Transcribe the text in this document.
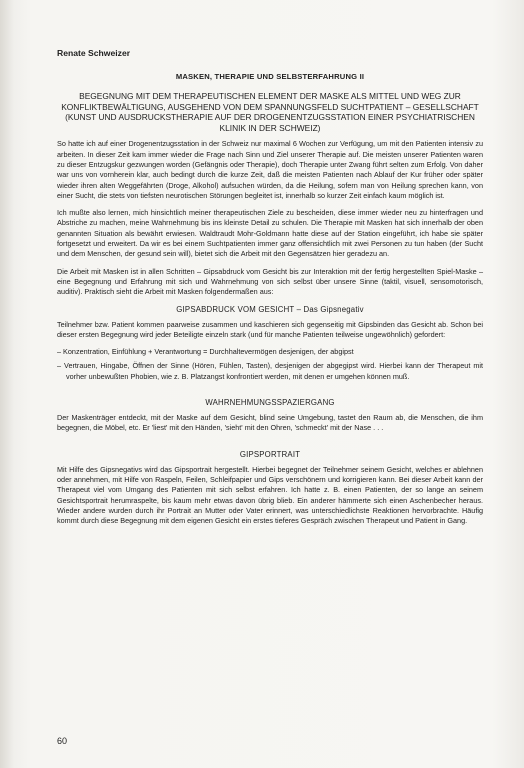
Renate Schweizer
MASKEN, THERAPIE UND SELBSTERFAHRUNG II
BEGEGNUNG MIT DEM THERAPEUTISCHEN ELEMENT DER MASKE ALS MITTEL UND WEG ZUR KONFLIKTBEWÄLTIGUNG, AUSGEHEND VON DEM SPANNUNGSFELD SUCHTPATIENT – GESELLSCHAFT (KUNST UND AUSDRUCKSTHERAPIE AUF DER DROGENENTZUGSSTATION EINER PSYCHIATRISCHEN KLINIK IN DER SCHWEIZ)

So hatte ich auf einer Drogenentzugsstation in der Schweiz nur maximal 6 Wochen zur Verfügung, um mit den Patienten intensiv zu arbeiten. In dieser Zeit kam immer wieder die Frage nach Sinn und Ziel unserer Therapie auf. Die meisten unserer Patienten waren zu dieser Entzugskur gezwungen worden (Gefängnis oder Therapie), doch Therapie unter Zwang führt selten zum Erfolg. Von daher war uns von vornherein klar, auch bedingt durch die kurze Zeit, daß die meisten Patienten nach Ablauf der Kur früher oder später wieder ihren alten Weggefährten (Droge, Alkohol) aufsuchen würden, da die Heilung, sofern man von Heilung sprechen kann, von einer Sucht, die stets von tiefsten neurotischen Störungen begleitet ist, innerhalb so kurzer Zeit einfach kaum möglich ist.

Ich mußte also lernen, mich hinsichtlich meiner therapeutischen Ziele zu bescheiden, diese immer wieder neu zu hinterfragen und Abstriche zu machen, meine Wahrnehmung bis ins kleinste Detail zu schulen. Die Therapie mit Masken hat sich innerhalb der oben genannten Situation als bewährt erwiesen. Waldtraudt Mohr-Goldmann hatte diese auf der Station eingeführt, ich habe sie später fortgesetzt und erweitert. Da wir es bei einem Suchtpatienten immer ganz offensichtlich mit zwei Personen zu tun haben (der Sucht und dem Menschen, der gesund sein will), bietet sich die Arbeit mit den Gegensätzen hier geradezu an.

Die Arbeit mit Masken ist in allen Schritten – Gipsabdruck vom Gesicht bis zur Interaktion mit der fertig hergestellten Spiel-Maske – eine Begegnung und Erfahrung mit sich und Wahrnehmung von sich selbst über unsere Sinne (taktil, visuell, sensomotorisch, auditiv). Praktisch sieht die Arbeit mit Masken folgendermaßen aus:

GIPSABDRUCK VOM GESICHT – Das Gipsnegativ

Teilnehmer bzw. Patient kommen paarweise zusammen und kaschieren sich gegenseitig mit Gipsbinden das Gesicht ab. Schon bei dieser ersten Begegnung wird jeder Beteiligte einzeln stark (und für manche Patienten teilweise ungewöhnlich) gefordert:

– Konzentration, Einfühlung + Verantwortung = Durchhaltevermögen desjenigen, der abgipst
– Vertrauen, Hingabe, Öffnen der Sinne (Hören, Fühlen, Tasten), desjenigen der abgegipst wird. Hierbei kann der Therapeut mit vorher unbewußten Phobien, wie z. B. Platzangst konfrontiert werden, mit denen er umgehen können muß.
WAHRNEHMUNGSSPAZIERGANG

Der Maskenträger entdeckt, mit der Maske auf dem Gesicht, blind seine Umgebung, tastet den Raum ab, die Menschen, die ihm begegnen, die Möbel, etc. Er 'liest' mit den Händen, 'sieht' mit den Ohren, 'schmeckt' mit der Nase . . .

GIPSPORTRAIT

Mit Hilfe des Gipsnegativs wird das Gipsportrait hergestellt. Hierbei begegnet der Teilnehmer seinem Gesicht, welches er ablehnen oder annehmen, mit Hilfe von Raspeln, Feilen, Schleifpapier und Gips verschönern und korrigieren kann. Bei dieser Arbeit kann der Therapeut viel vom Umgang des Patienten mit sich selbst erfahren. Ich hatte z. B. einen Patienten, der so lange an seinem Gesichtsportrait herumraspelte, bis kaum mehr etwas davon übrig blieb. Ein anderer hämmerte sich einen Aschenbecher heraus. Wieder andere wurden durch ihr Portrait an Mutter oder Vater erinnert, was unterschiedlichste Reaktionen hervorbrachte. Häufig kommt durch diese Begegnung mit dem eigenen Gesicht ein erstes tieferes Gespräch zwischen Therapeut und Patient in Gang.

60
